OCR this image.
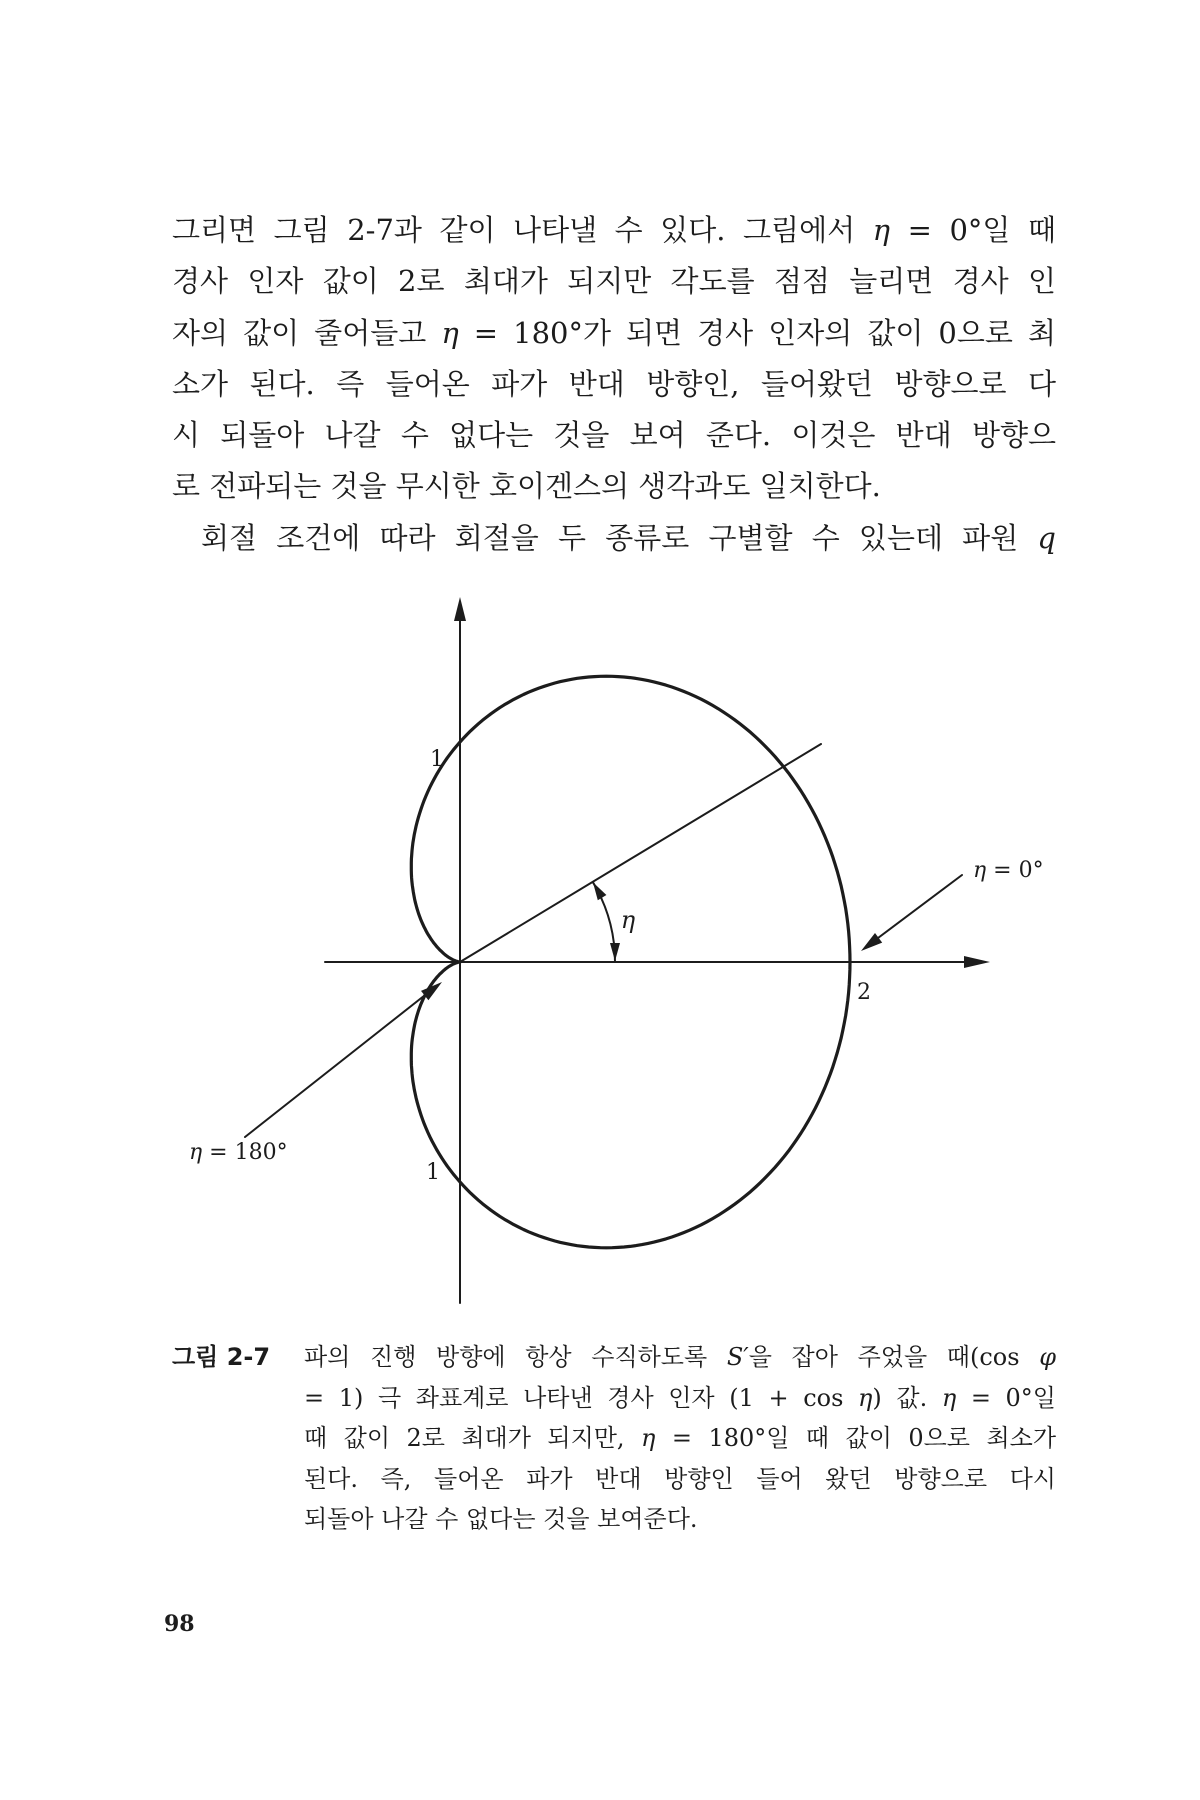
그리면 그림 2-7과 같이 나타낼 수 있다. 그림에서 η = 0°일 때
경사 인자 값이 2로 최대가 되지만 각도를 점점 늘리면 경사 인
자의 값이 줄어들고 η = 180°가 되면 경사 인자의 값이 0으로 최
소가 된다. 즉 들어온 파가 반대 방향인, 들어왔던 방향으로 다
시 되돌아 나갈 수 없다는 것을 보여 준다. 이것은 반대 방향으
로 전파되는 것을 무시한 호이겐스의 생각과도 일치한다.
회절 조건에 따라 회절을 두 종류로 구별할 수 있는데 파원 q
1
1
2
η
η = 0°
η = 180°
그림 2-7 파의 진행 방향에 항상 수직하도록 S′을 잡아 주었을 때(cos φ
= 1) 극 좌표계로 나타낸 경사 인자 (1 + cos η) 값. η = 0°일
때 값이 2로 최대가 되지만, η = 180°일 때 값이 0으로 최소가
된다. 즉, 들어온 파가 반대 방향인 들어 왔던 방향으로 다시
되돌아 나갈 수 없다는 것을 보여준다.
98
